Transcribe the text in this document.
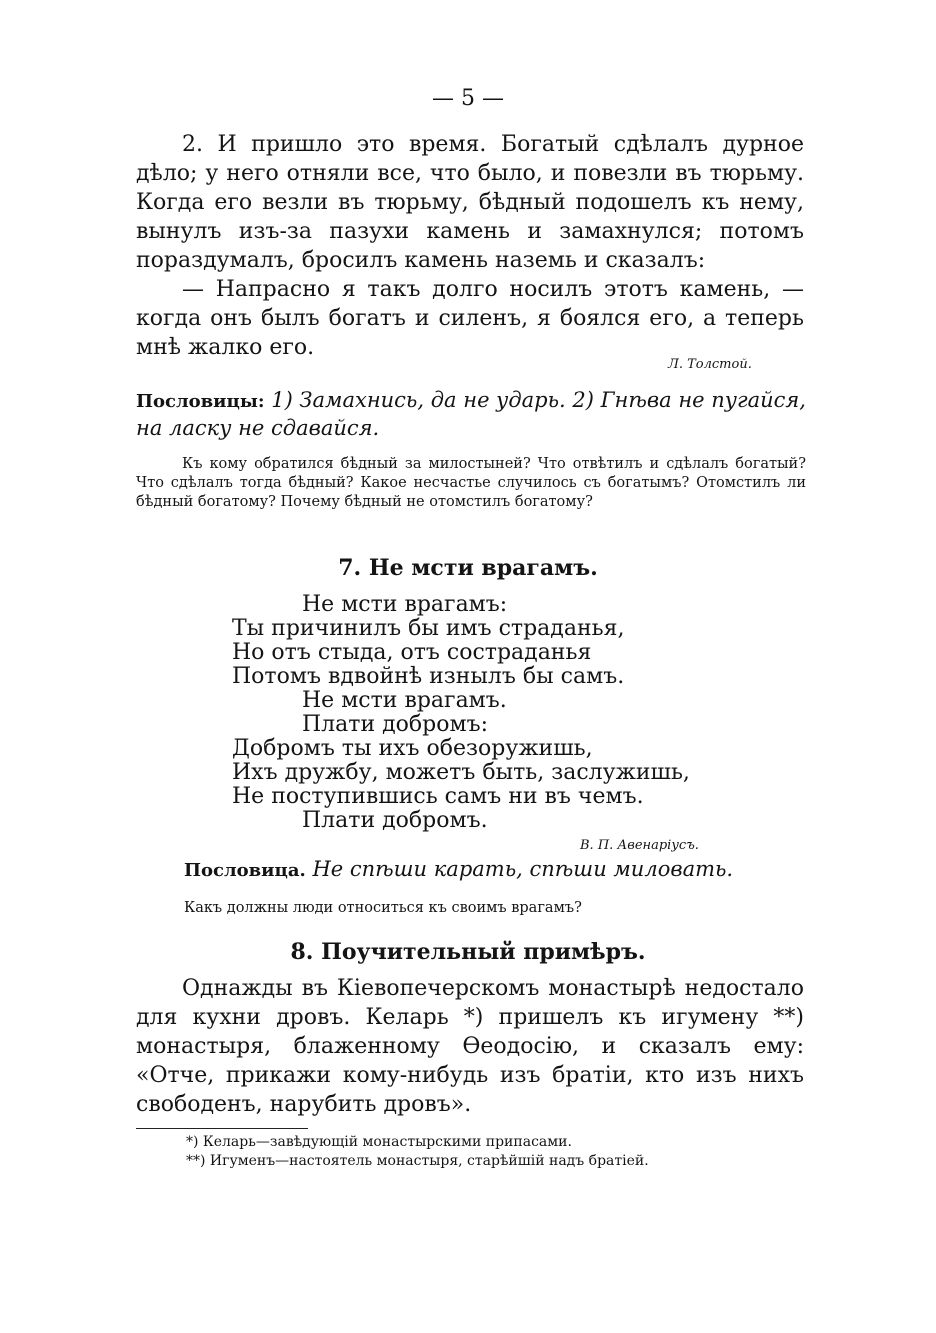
— 5 —

2. И пришло это время. Богатый сдѣлалъ дурное дѣло; у него отняли все, что было, и повезли въ тюрьму. Когда его везли въ тюрьму, бѣдный подошелъ къ нему, вынулъ изъ-за пазухи камень и замахнулся; потомъ пораздумалъ, бросилъ камень наземь и сказалъ:

— Напрасно я такъ долго носилъ этотъ камень, — когда онъ былъ богатъ и силенъ, я боялся его, а теперь мнѣ жалко его.

Л. Толстой.
Пословицы: 1) Замахнись, да не ударь. 2) Гнѣва не пугайся, на ласку не сдавайся.
Къ кому обратился бѣдный за милостыней? Что отвѣтилъ и сдѣлалъ богатый? Что сдѣлалъ тогда бѣдный? Какое несчастье случилось съ богатымъ? Отомстилъ ли бѣдный богатому? Почему бѣдный не отомстилъ богатому?
7. Не мсти врагамъ.
Не мсти врагамъ:
Ты причинилъ бы имъ страданья,
Но отъ стыда, отъ состраданья
Потомъ вдвойнѣ изнылъ бы самъ.
Не мсти врагамъ.
Плати добромъ:
Добромъ ты ихъ обезоружишь,
Ихъ дружбу, можетъ быть, заслужишь,
Не поступившись самъ ни въ чемъ.
Плати добромъ.
В. П. Авенаріусъ.
Пословица. Не спѣши карать, спѣши миловать.
Какъ должны люди относиться къ своимъ врагамъ?
8. Поучительный примѣръ.

Однажды въ Кіевопечерскомъ монастырѣ недостало для кухни дровъ. Келарь *) пришелъ къ игумену **) монастыря, блаженному Ѳеодосію, и сказалъ ему: «Отче, прикажи кому-нибудь изъ братіи, кто изъ нихъ свободенъ, нарубить дровъ».

*) Келарь—завѣдующій монастырскими припасами.
**) Игуменъ—настоятель монастыря, старѣйшій надъ братіей.
